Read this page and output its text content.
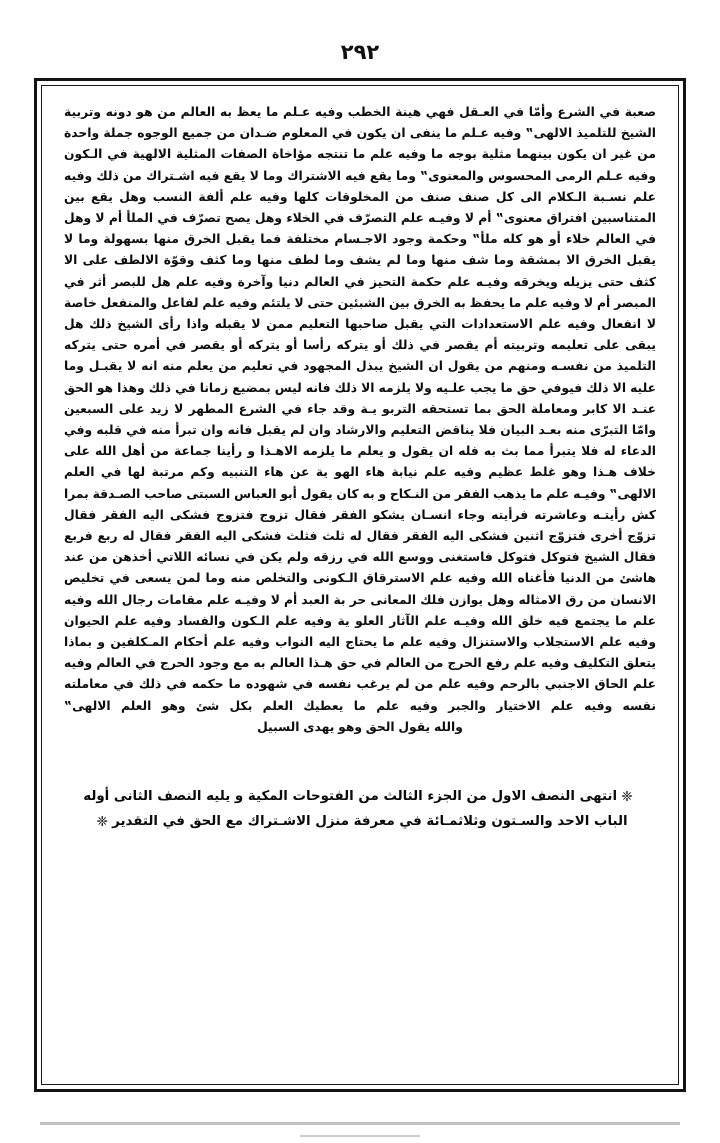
٢٩٢

صعبة في الشرع وأمّا في العـقل فهي هينة الخطب وفيه عـلم ما يعظ به العالم من هو دونه وتربية الشيخ للتلميذ الالهى‟ وفيه عـلم ما ينفى ان يكون في المعلوم ضـدان من جميع الوجوه جملة واحدة من غير ان يكون بينهما مثلية بوجه ما وفيه علم ما تنتجه مؤاخاة الصفات المثلية الالهية في الـكون وفيه عـلم الرمى المحسوس والمعنوى‟ وما يقع فيه الاشتراك وما لا يقع فيه اشـتراك من ذلك وفيه علم نسـبة الـكلام الى كل صنف صنف من المخلوقات كلها وفيه علم ألفة النسب وهل يقع بين المتناسبين افتراق معنوى‟ أم لا وفيـه علم التصرّف في الخلاء وهل يصح تصرّف في الملأ أم لا وهل في العالم خلاء أو هو كله ملأ‟ وحكمة وجود الاجـسام مختلفة فما يقبل الخرق منها بسهولة وما لا يقبل الخرق الا بمشقة وما شف منها وما لم يشف وما لطف منها وما كثف وقوّة الالطف على الا كثف حتى يزيله ويخرقه وفيـه علم حكمة التحيز في العالم دنيا وآخرة وفيه علم هل للبصر أثر في المبصر أم لا وفيه علم ما يحفظ به الخرق بين الشبئين حتى لا يلتئم وفيه علم لفاعل والمنفعل خاصة لا انفعال وفيه علم الاستعدادات التي يقبل صاحبها التعليم ممن لا يقبله واذا رأى الشيخ ذلك هل يبقى على تعليمه وتربيته أم يقصر في ذلك أو يتركه رأسا أو يتركه أو يقصر في أمره حتى يتركه التلميذ من نفسـه ومنهم من يقول ان الشيخ يبذل المجهود في تعليم من يعلم منه انه لا يقبـل وما عليه الا ذلك فيوفي حق ما يجب علـيه ولا يلزمه الا ذلك فانه ليس بمضيع زمانا في ذلك وهذا هو الحق عنـد الا كابر ومعاملة الحق بما تستحقه التربو يـة وقد جاء في الشرع المطهر لا زيد على السبعين وامّا التبرّى منه بعـد البيان فلا يناقض التعليم والارشاد وان لم يقبل فانه وان تبرأ منه في قلبه وفي الدعاء له فلا يتبرأ مما بث به فله ان يقول و يعلم ما يلزمه الاهـذا و رأينا جماعة من أهل الله على خلاف هـذا وهو غلط عظيم وفيه علم نيابة هاء الهو ية عن هاء التنبيه وكم مرتبة لها في العلم الالهى‟ وفيـه علم ما يذهب الفقر من النـكاح و به كان يقول أبو العباس السبتى صاحب الصـدقة بمرا كش رأيتـه وعاشرته فرأيته وجاء انسـان يشكو الفقر فقال تزوج فتزوج فشكى اليه الفقر فقال تزوّج أخرى فتزوّج اثنين فشكى اليه الفقر فقال له ثلث فثلث فشكى اليه الفقر فقال له ربع فربع فقال الشيخ فتوكل فتوكل فاستغنى ووسع الله في رزقه ولم يكن في نسائه اللاتي أخذهن من عند هاشئ من الدنيا فأغناه الله وفيه علم الاسترقاق الـكونى والتخلص منه وما لمن يسعى في تخليص الانسان من رق الامثاله وهل يوازن فلك المعانى حر بة العبد أم لا وفيـه علم مقامات رجال الله وفيه علم ما يجتمع فيه خلق الله وفيـه علم الآثار العلو ية وفيه علم الـكون والفساد وفيه علم الحيوان وفيه علم الاستجلاب والاستنزال وفيه علم ما يحتاج اليه النواب وفيه علم أحكام المـكلفين و بماذا يتعلق التكليف وفيه علم رفع الحرج من العالم في حق هـذا العالم به مع وجود الحرج في العالم وفيه علم الحاق الاجنبي بالرحم وفيه علم من لم يرغب نفسه في شهوده ما حكمه في ذلك في معاملته نفسه وفيه علم الاختيار والجبر وفيه علم ما يعطيك العلم بكل شئ وهو العلم الالهى‟

والله يقول الحق وهو يهدى السبيل

❈انتهى النصف الاول من الجزء الثالث من الفتوحات المكية و يليه النصف الثانى أوله
الباب الاحد والسـتون وثلاثمـائة في معرفة منزل الاشـتراك مع الحق في التقدير❈
